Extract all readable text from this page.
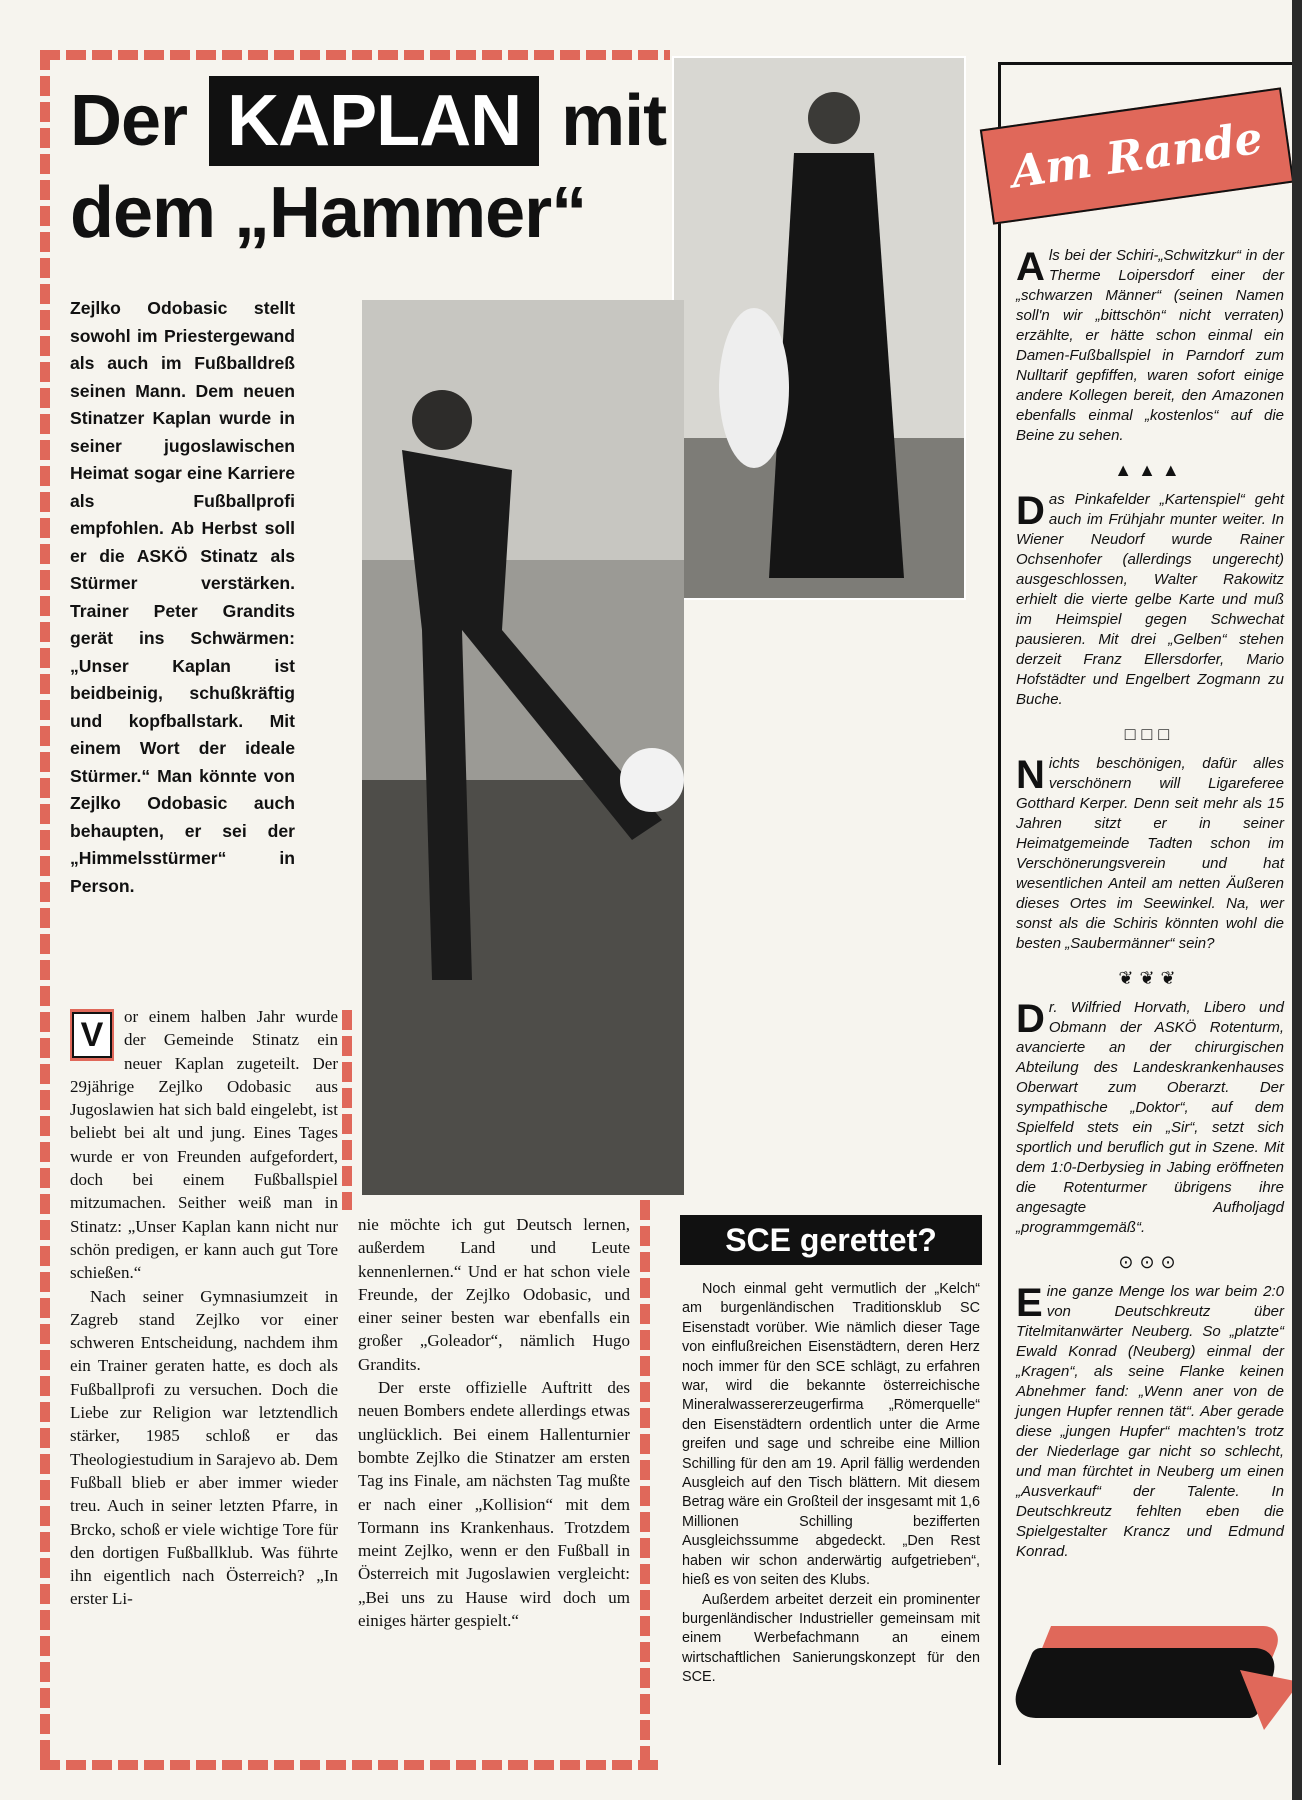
Der KAPLAN mit
dem „Hammer“
Zejlko Odobasic stellt sowohl im Priestergewand als auch im Fußballdreß seinen Mann. Dem neuen Stinatzer Kaplan wurde in seiner jugoslawischen Heimat sogar eine Karriere als Fußballprofi empfohlen. Ab Herbst soll er die ASKÖ Stinatz als Stürmer verstärken. Trainer Peter Grandits gerät ins Schwärmen: „Unser Kaplan ist beidbeinig, schußkräftig und kopfballstark. Mit einem Wort der ideale Stürmer.“ Man könnte von Zejlko Odobasic auch behaupten, er sei der „Himmelsstürmer“ in Person.
V	or einem halben Jahr wurde der Gemeinde Stinatz ein neuer Kaplan zugeteilt. Der 29jährige Zejlko Odobasic aus Jugoslawien hat sich bald eingelebt, ist beliebt bei alt und jung. Eines Tages wurde er von Freunden aufgefordert, doch bei einem Fußballspiel mitzumachen. Seither weiß man in Stinatz: „Unser Kaplan kann nicht nur schön predigen, er kann auch gut Tore schießen.“

Nach seiner Gymnasiumzeit in Zagreb stand Zejlko vor einer schweren Entscheidung, nachdem ihm ein Trainer geraten hatte, es doch als Fußballprofi zu versuchen. Doch die Liebe zur Religion war letztendlich stärker, 1985 schloß er das Theologiestudium in Sarajevo ab. Dem Fußball blieb er aber immer wieder treu. Auch in seiner letzten Pfarre, in Brcko, schoß er viele wichtige Tore für den dortigen Fußballklub. Was führte ihn eigentlich nach Österreich? „In erster Li-

nie möchte ich gut Deutsch lernen, außerdem Land und Leute kennenlernen.“ Und er hat schon viele Freunde, der Zejlko Odobasic, und einer seiner besten war ebenfalls ein großer „Goleador“, nämlich Hugo Grandits.

Der erste offizielle Auftritt des neuen Bombers endete allerdings etwas unglücklich. Bei einem Hallenturnier bombte Zejlko die Stinatzer am ersten Tag ins Finale, am nächsten Tag mußte er nach einer „Kollision“ mit dem Tormann ins Krankenhaus. Trotzdem meint Zejlko, wenn er den Fußball in Österreich mit Jugoslawien vergleicht: „Bei uns zu Hause wird doch um einiges härter gespielt.“

SCE gerettet?

Noch einmal geht vermutlich der „Kelch“ am burgenländischen Traditionsklub SC Eisenstadt vorüber. Wie nämlich dieser Tage von einflußreichen Eisenstädtern, deren Herz noch immer für den SCE schlägt, zu erfahren war, wird die bekannte österreichische Mineralwassererzeugerfirma „Römerquelle“ den Eisenstädtern ordentlich unter die Arme greifen und sage und schreibe eine Million Schilling für den am 19. April fällig werdenden Ausgleich auf den Tisch blättern. Mit diesem Betrag wäre ein Großteil der insgesamt mit 1,6 Millionen Schilling bezifferten Ausgleichssumme abgedeckt. „Den Rest haben wir schon anderwärtig aufgetrieben“, hieß es von seiten des Klubs.

Außerdem arbeitet derzeit ein prominenter burgenländischer Industrieller gemeinsam mit einem Werbefachmann an einem wirtschaftlichen Sanierungskonzept für den SCE.

Am Rande

Als bei der Schiri-„Schwitzkur“ in der Therme Loipersdorf einer der „schwarzen Männer“ (seinen Namen soll'n wir „bittschön“ nicht verraten) erzählte, er hätte schon einmal ein Damen-Fußballspiel in Parndorf zum Nulltarif gepfiffen, waren sofort einige andere Kollegen bereit, den Amazonen ebenfalls einmal „kostenlos“ auf die Beine zu sehen.

▲▲▲

Das Pinkafelder „Kartenspiel“ geht auch im Frühjahr munter weiter. In Wiener Neudorf wurde Rainer Ochsenhofer (allerdings ungerecht) ausgeschlossen, Walter Rakowitz erhielt die vierte gelbe Karte und muß im Heimspiel gegen Schwechat pausieren. Mit drei „Gelben“ stehen derzeit Franz Ellersdorfer, Mario Hofstädter und Engelbert Zogmann zu Buche.

□□□

Nichts beschönigen, dafür alles verschönern will Ligareferee Gotthard Kerper. Denn seit mehr als 15 Jahren sitzt er in seiner Heimatgemeinde Tadten schon im Verschönerungsverein und hat wesentlichen Anteil am netten Äußeren dieses Ortes im Seewinkel. Na, wer sonst als die Schiris könnten wohl die besten „Saubermänner“ sein?

❦❦❦

Dr. Wilfried Horvath, Libero und Obmann der ASKÖ Rotenturm, avancierte an der chirurgischen Abteilung des Landeskrankenhauses Oberwart zum Oberarzt. Der sympathische „Doktor“, auf dem Spielfeld stets ein „Sir“, setzt sich sportlich und beruflich gut in Szene. Mit dem 1:0-Derbysieg in Jabing eröffneten die Rotenturmer übrigens ihre angesagte Aufholjagd „programmgemäß“.

⊙⊙⊙

Eine ganze Menge los war beim 2:0 von Deutschkreutz über Titelmitanwärter Neuberg. So „platzte“ Ewald Konrad (Neuberg) einmal der „Kragen“, als seine Flanke keinen Abnehmer fand: „Wenn aner von de jungen Hupfer rennen tät“. Aber gerade diese „jungen Hupfer“ machten's trotz der Niederlage gar nicht so schlecht, und man fürchtet in Neuberg um einen „Ausverkauf“ der Talente. In Deutschkreutz fehlten eben die Spielgestalter Krancz und Edmund Konrad.
